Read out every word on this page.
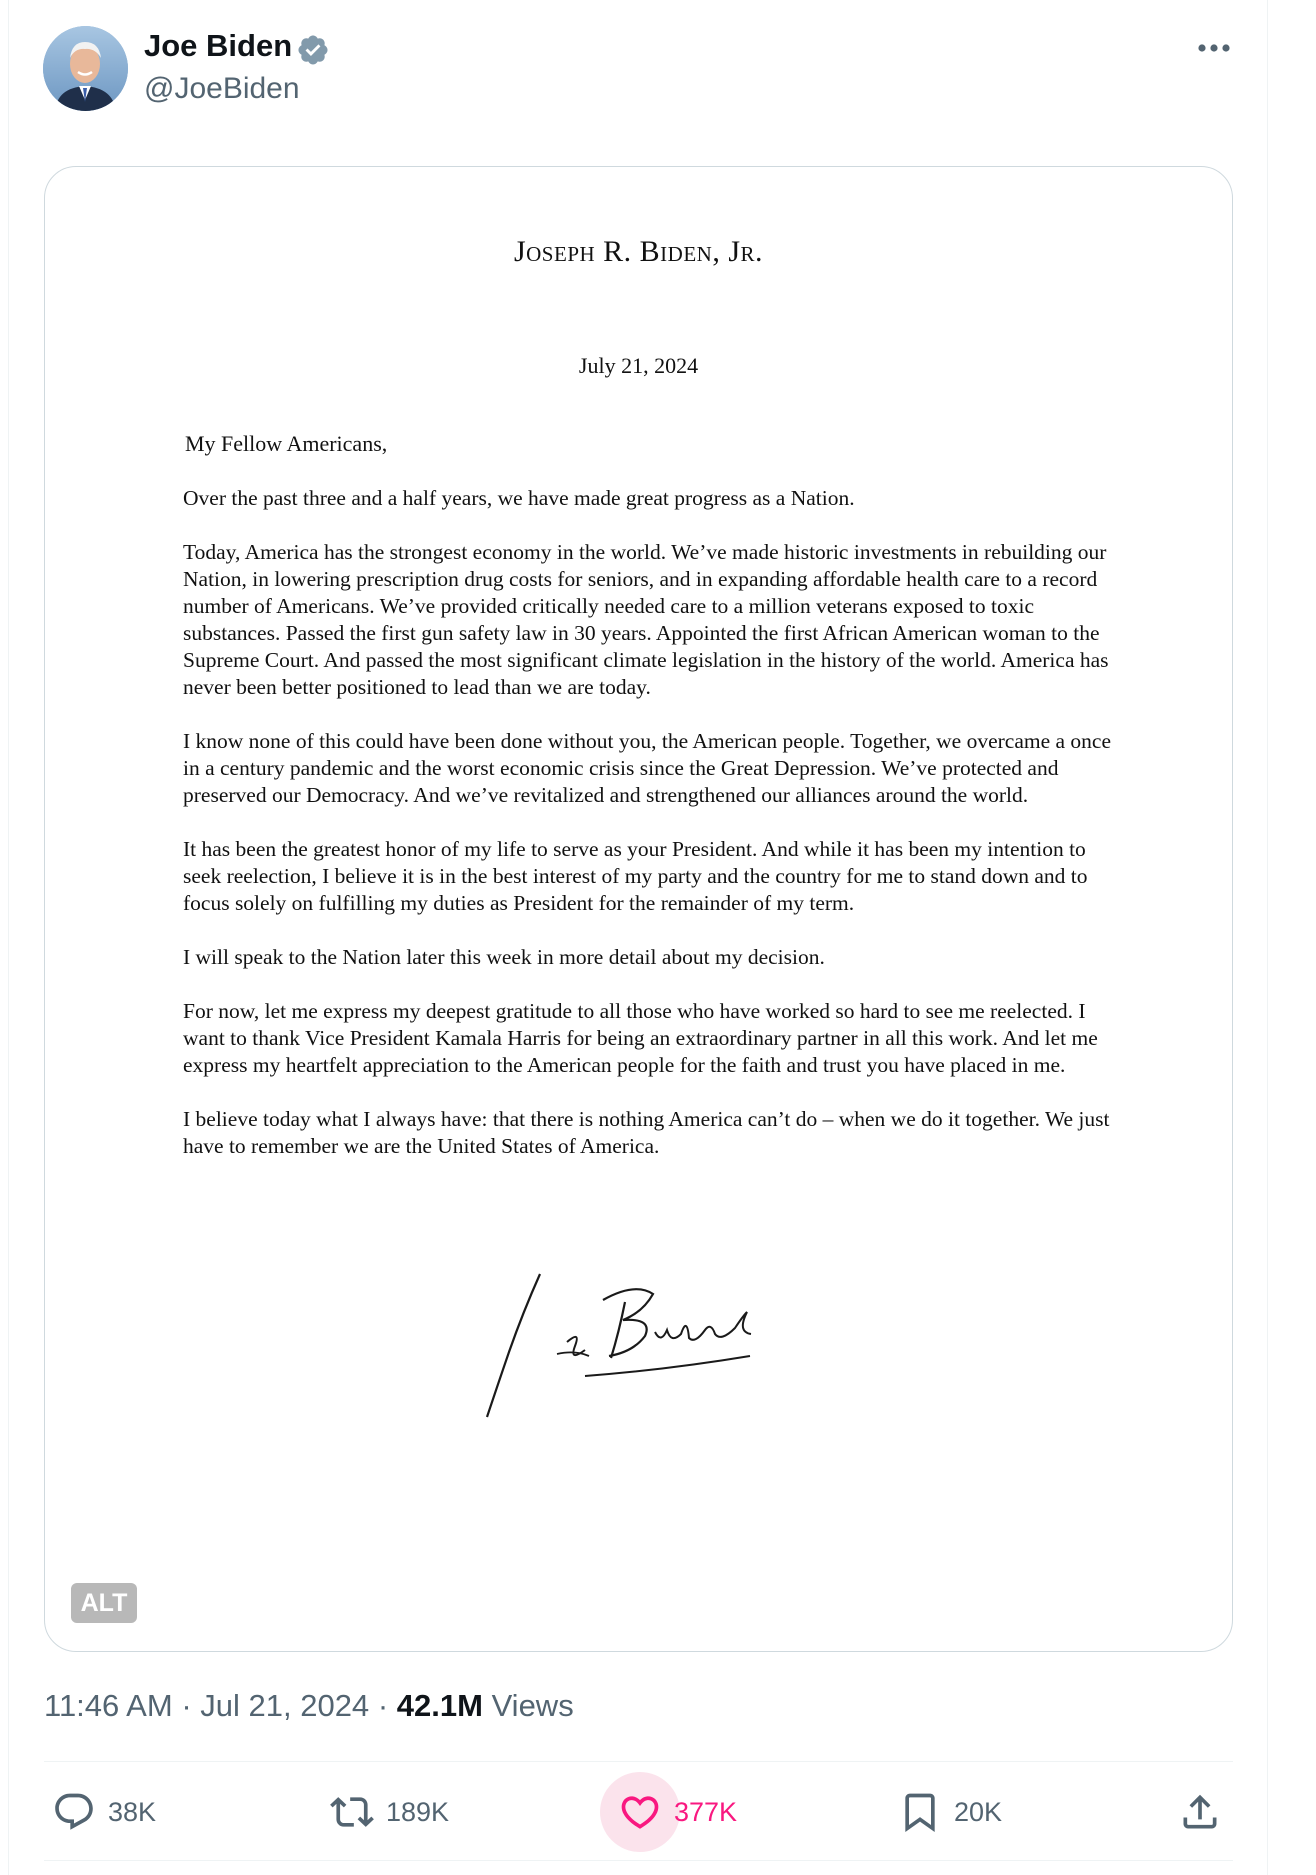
Joe Biden
@JoeBiden
Joseph R. Biden, Jr.
July 21, 2024
My Fellow Americans,

Over the past three and a half years, we have made great progress as a Nation.

Today, America has the strongest economy in the world. We’ve made historic investments in rebuilding our Nation, in lowering prescription drug costs for seniors, and in expanding affordable health care to a record number of Americans. We’ve provided critically needed care to a million veterans exposed to toxic substances. Passed the first gun safety law in 30 years. Appointed the first African American woman to the Supreme Court. And passed the most significant climate legislation in the history of the world. America has never been better positioned to lead than we are today.

I know none of this could have been done without you, the American people. Together, we overcame a once in a century pandemic and the worst economic crisis since the Great Depression. We’ve protected and preserved our Democracy. And we’ve revitalized and strengthened our alliances around the world.

It has been the greatest honor of my life to serve as your President. And while it has been my intention to seek reelection, I believe it is in the best interest of my party and the country for me to stand down and to focus solely on fulfilling my duties as President for the remainder of my term.

I will speak to the Nation later this week in more detail about my decision.

For now, let me express my deepest gratitude to all those who have worked so hard to see me reelected. I want to thank Vice President Kamala Harris for being an extraordinary partner in all this work. And let me express my heartfelt appreciation to the American people for the faith and trust you have placed in me.

I believe today what I always have: that there is nothing America can’t do – when we do it together. We just have to remember we are the United States of America.

ALT
11:46 AM · Jul 21, 2024 · 42.1M Views
38K	189K	377K	20K
